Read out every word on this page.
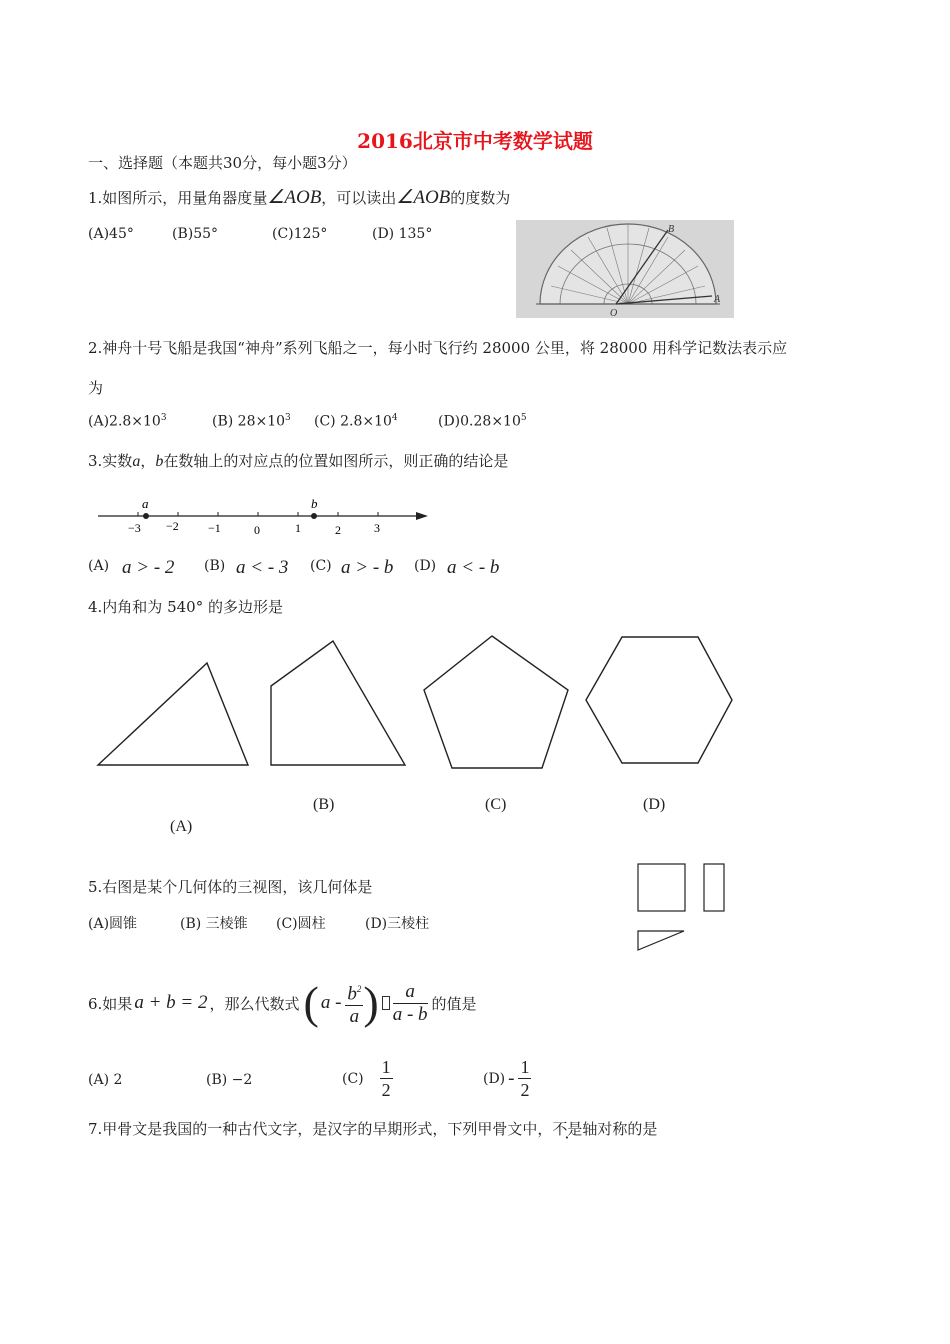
2016北京市中考数学试题
一、选择题（本题共30分，每小题3分）
1.如图所示，用量角器度量∠AOB，可以读出∠AOB的度数为
(A)45°	(B)55°	(C)125°	(D) 135°	B
A
O
2.神舟十号飞船是我国“神舟”系列飞船之一，每小时飞行约 28000 公里，将 28000 用科学记数法表示应
为
$(A)2.8\times 10^3$	(B) $28\times 10^3$ (C) $2.8\times 10^4$	$(D)0.28\times 10^5$
3.实数a，b在数轴上的对应点的位置如图所示，则正确的结论是
a	b
−3 −2 −1	0	1	2	3
(A) a > - 2 (B) a < - 3 (C) a > - b (D) a < - b
4.内角和为 540° 的多边形是
(A)
(B)	(C)	(D)
5.右图是某个几何体的三视图，该几何体是
(A)圆锥	(B) 三棱锥 (C)圆柱	(D)三棱柱
6.如果 a + b = 2 ，那么代数式 ( a - $\frac{b^2}{a}$ ) $\frac{a}{a - b}$ 的值是
(A) 2	(B) −2	$(C) \frac{1}{2}$	$(D) - \frac{1}{2}$
7.甲骨文是我国的一种古代文字，是汉字的早期形式，下列甲骨文中，不是轴对称的是
